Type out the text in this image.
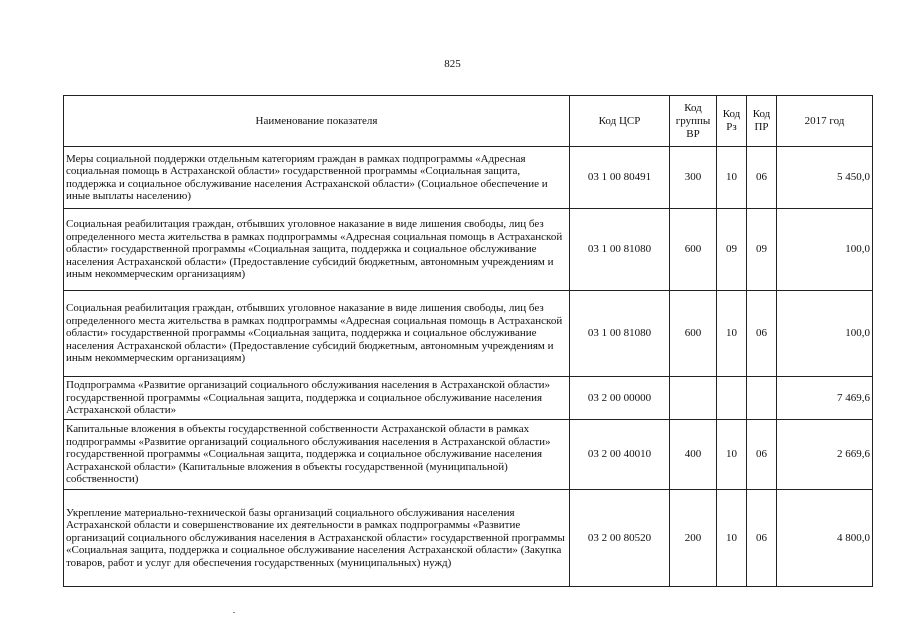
825
Наименование показателя	Код ЦСР	Код группы ВР	Код Рз	Код ПР	2017 год
Меры социальной поддержки отдельным категориям граждан в рамках подпрограммы «Адресная социальная помощь в Астраханской области» государственной программы «Социальная защита, поддержка и социальное обслуживание населения Астраханской области» (Социальное обеспечение и иные выплаты населению)	03 1 00 80491	300	10	06	5 450,0
Социальная реабилитация граждан, отбывших уголовное наказание в виде лишения свободы, лиц без определенного места жительства в рамках подпрограммы «Адресная социальная помощь в Астраханской области» государственной программы «Социальная защита, поддержка и социальное обслуживание населения Астраханской области» (Предоставление субсидий бюджетным, автономным учреждениям и иным некоммерческим организациям)	03 1 00 81080	600	09	09	100,0
Социальная реабилитация граждан, отбывших уголовное наказание в виде лишения свободы, лиц без определенного места жительства в рамках подпрограммы «Адресная социальная помощь в Астраханской области» государственной программы «Социальная защита, поддержка и социальное обслуживание населения Астраханской области» (Предоставление субсидий бюджетным, автономным учреждениям и иным некоммерческим организациям)	03 1 00 81080	600	10	06	100,0
Подпрограмма «Развитие организаций социального обслуживания населения в Астраханской области» государственной программы «Социальная защита, поддержка и социальное обслуживание населения Астраханской области»	03 2 00 00000				7 469,6
Капитальные вложения в объекты государственной собственности Астраханской области в рамках подпрограммы «Развитие организаций социального обслуживания населения в Астраханской области» государственной программы «Социальная защита, поддержка и социальное обслуживание населения Астраханской области» (Капитальные вложения в объекты государственной (муниципальной) собственности)	03 2 00 40010	400	10	06	2 669,6
Укрепление материально-технической базы организаций социального обслуживания населения Астраханской области и совершенствование их деятельности в рамках подпрограммы «Развитие организаций социального обслуживания населения в Астраханской области» государственной программы «Социальная защита, поддержка и социальное обслуживание населения Астраханской области» (Закупка товаров, работ и услуг для обеспечения государственных (муниципальных) нужд)	03 2 00 80520	200	10	06	4 800,0
